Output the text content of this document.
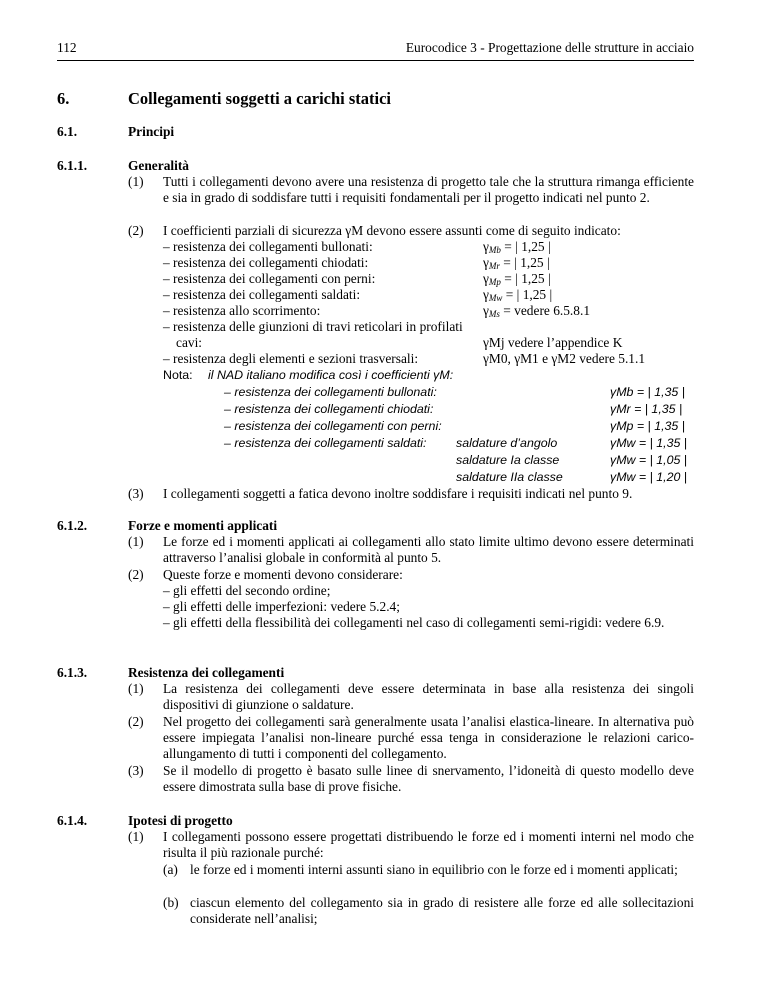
112	Eurocodice 3 - Progettazione delle strutture in acciaio
6.	Collegamenti soggetti a carichi statici
6.1.	Principi
6.1.1.	Generalità
(1) Tutti i collegamenti devono avere una resistenza di progetto tale che la struttura rimanga efficiente e sia in grado di soddisfare tutti i requisiti fondamentali per il progetto indicati nel punto 2.
(2) I coefficienti parziali di sicurezza γM devono essere assunti come di seguito indicato:
– resistenza dei collegamenti bullonati:	$\gamma_{Mb}$ = | 1,25 |
– resistenza dei collegamenti chiodati:	$\gamma_{Mr}$ = | 1,25 |
– resistenza dei collegamenti con perni:	$\gamma_{Mp}$ = | 1,25 |
– resistenza dei collegamenti saldati:	$\gamma_{Mw}$ = | 1,25 |
– resistenza allo scorrimento:	$\gamma_{Ms}$ = vedere 6.5.8.1
– resistenza delle giunzioni di travi reticolari in profilati
cavi:	γMj vedere l’appendice K
– resistenza degli elementi e sezioni trasversali:	γM0, γM1 e γM2 vedere 5.1.1
Nota: il NAD italiano modifica così i coefficienti γM:
– resistenza dei collegamenti bullonati:	γMb = | 1,35 |
– resistenza dei collegamenti chiodati:	γMr = | 1,35 |
– resistenza dei collegamenti con perni:	γMp = | 1,35 |
– resistenza dei collegamenti saldati: saldature d’angolo	γMw = | 1,35 |
saldature Ia classe	γMw = | 1,05 |
saldature IIa classe	γMw = | 1,20 |
(3) I collegamenti soggetti a fatica devono inoltre soddisfare i requisiti indicati nel punto 9.
6.1.2.	Forze e momenti applicati
(1) Le forze ed i momenti applicati ai collegamenti allo stato limite ultimo devono essere determinati attraverso l’analisi globale in conformità al punto 5.
(2) Queste forze e momenti devono considerare:
– gli effetti del secondo ordine;
– gli effetti delle imperfezioni: vedere 5.2.4;
– gli effetti della flessibilità dei collegamenti nel caso di collegamenti semi-rigidi: vedere 6.9.
6.1.3.	Resistenza dei collegamenti
(1) La resistenza dei collegamenti deve essere determinata in base alla resistenza dei singoli dispositivi di giunzione o saldature.
(2) Nel progetto dei collegamenti sarà generalmente usata l’analisi elastica-lineare. In alternativa può essere impiegata l’analisi non-lineare purché essa tenga in considerazione le relazioni carico-allungamento di tutti i componenti del collegamento.
(3) Se il modello di progetto è basato sulle linee di snervamento, l’idoneità di questo modello deve essere dimostrata sulla base di prove fisiche.
6.1.4.	Ipotesi di progetto
(1) I collegamenti possono essere progettati distribuendo le forze ed i momenti interni nel modo che risulta il più razionale purché:
(a) le forze ed i momenti interni assunti siano in equilibrio con le forze ed i momenti applicati;
(b) ciascun elemento del collegamento sia in grado di resistere alle forze ed alle sollecitazioni considerate nell’analisi;
